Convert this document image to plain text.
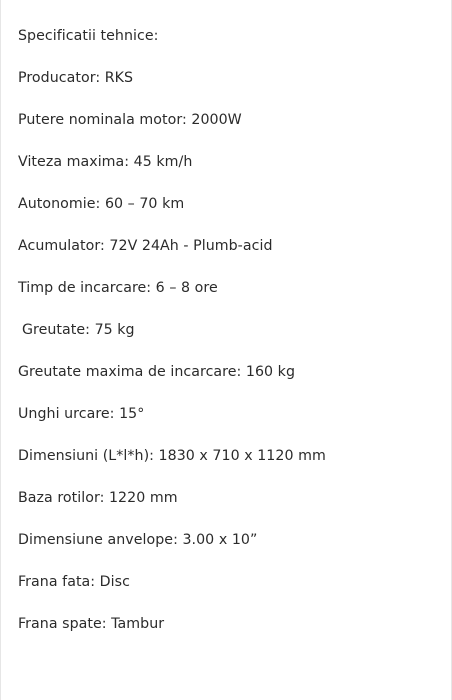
Specificatii tehnice:
Producator: RKS
Putere nominala motor: 2000W
Viteza maxima: 45 km/h
Autonomie: 60 – 70 km
Acumulator: 72V 24Ah - Plumb-acid
Timp de incarcare: 6 – 8 ore
Greutate: 75 kg
Greutate maxima de incarcare: 160 kg
Unghi urcare: 15°
Dimensiuni (L*l*h): 1830 x 710 x 1120 mm
Baza rotilor: 1220 mm
Dimensiune anvelope: 3.00 x 10”
Frana fata: Disc
Frana spate: Tambur
